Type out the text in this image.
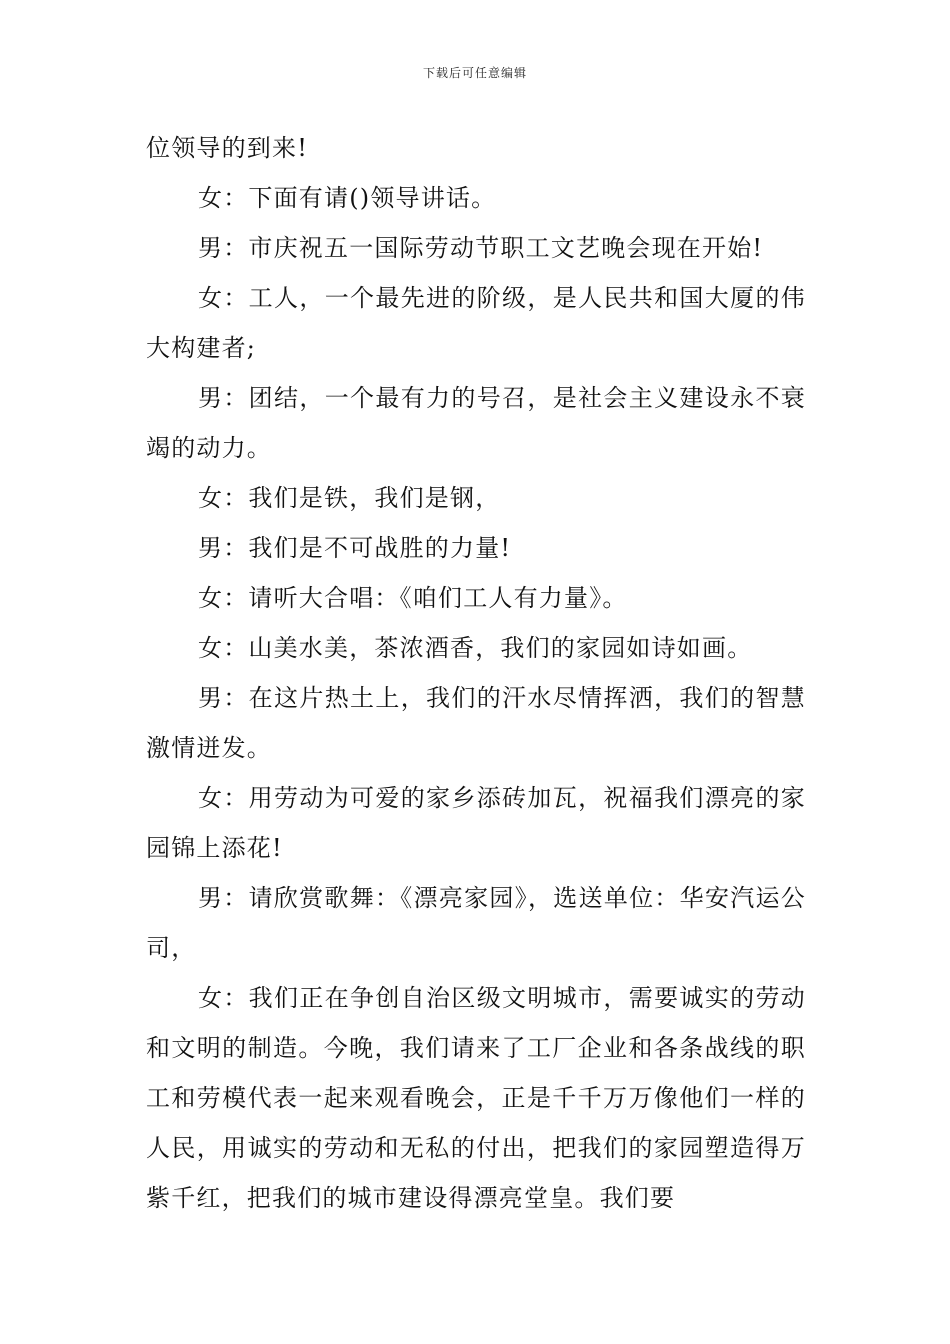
下载后可任意编辑

位领导的到来!

女：下面有请()领导讲话。

男：市庆祝五一国际劳动节职工文艺晚会现在开始!

女：工人，一个最先进的阶级，是人民共和国大厦的伟大构建者;

男：团结，一个最有力的号召，是社会主义建设永不衰竭的动力。

女：我们是铁，我们是钢，

男：我们是不可战胜的力量!

女：请听大合唱：《咱们工人有力量》。

女：山美水美，茶浓酒香，我们的家园如诗如画。

男：在这片热土上，我们的汗水尽情挥洒，我们的智慧激情迸发。

女：用劳动为可爱的家乡添砖加瓦，祝福我们漂亮的家园锦上添花!

男：请欣赏歌舞：《漂亮家园》，选送单位：华安汽运公司，

女：我们正在争创自治区级文明城市，需要诚实的劳动和文明的制造。今晚，我们请来了工厂企业和各条战线的职工和劳模代表一起来观看晚会，正是千千万万像他们一样的人民，用诚实的劳动和无私的付出，把我们的家园塑造得万紫千红，把我们的城市建设得漂亮堂皇。我们要
